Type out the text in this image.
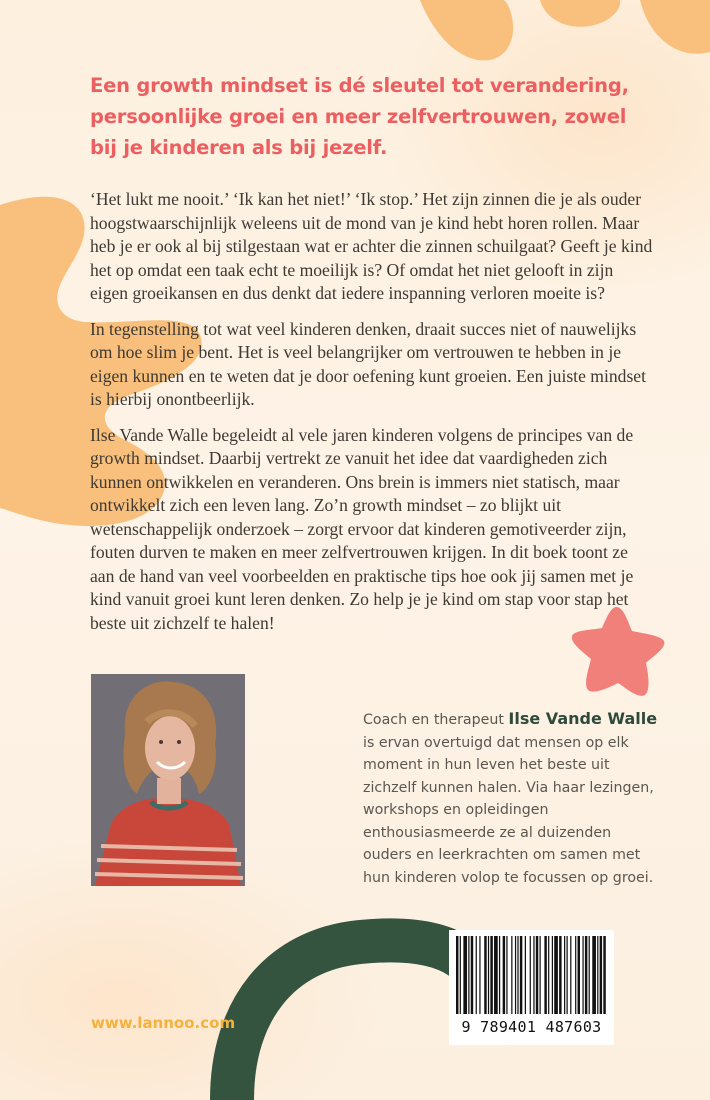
Een growth mindset is dé sleutel tot verandering, persoonlijke groei en meer zelfvertrouwen, zowel bij je kinderen als bij jezelf.

‘Het lukt me nooit.’ ‘Ik kan het niet!’ ‘Ik stop.’ Het zijn zinnen die je als ouder hoogstwaarschijnlijk weleens uit de mond van je kind hebt horen rollen. Maar heb je er ook al bij stilgestaan wat er achter die zinnen schuilgaat? Geeft je kind het op omdat een taak echt te moeilijk is? Of omdat het niet gelooft in zijn eigen groeikansen en dus denkt dat iedere inspanning verloren moeite is?

In tegenstelling tot wat veel kinderen denken, draait succes niet of nauwelijks om hoe slim je bent. Het is veel belangrijker om vertrouwen te hebben in je eigen kunnen en te weten dat je door oefening kunt groeien. Een juiste mindset is hierbij onontbeerlijk.

Ilse Vande Walle begeleidt al vele jaren kinderen volgens de principes van de growth mindset. Daarbij vertrekt ze vanuit het idee dat vaardigheden zich kunnen ontwikkelen en veranderen. Ons brein is immers niet statisch, maar ontwikkelt zich een leven lang. Zo’n growth mindset – zo blijkt uit wetenschappelijk onderzoek – zorgt ervoor dat kinderen gemotiveerder zijn, fouten durven te maken en meer zelfvertrouwen krijgen. In dit boek toont ze aan de hand van veel voorbeelden en praktische tips hoe ook jij samen met je kind vanuit groei kunt leren denken. Zo help je je kind om stap voor stap het beste uit zichzelf te halen!

Coach en therapeut Ilse Vande Walle is ervan overtuigd dat mensen op elk moment in hun leven het beste uit zichzelf kunnen halen. Via haar lezingen, workshops en opleidingen enthousiasmeerde ze al duizenden ouders en leerkrachten om samen met hun kinderen volop te focussen op groei.

www.lannoo.com	9 789401 487603
